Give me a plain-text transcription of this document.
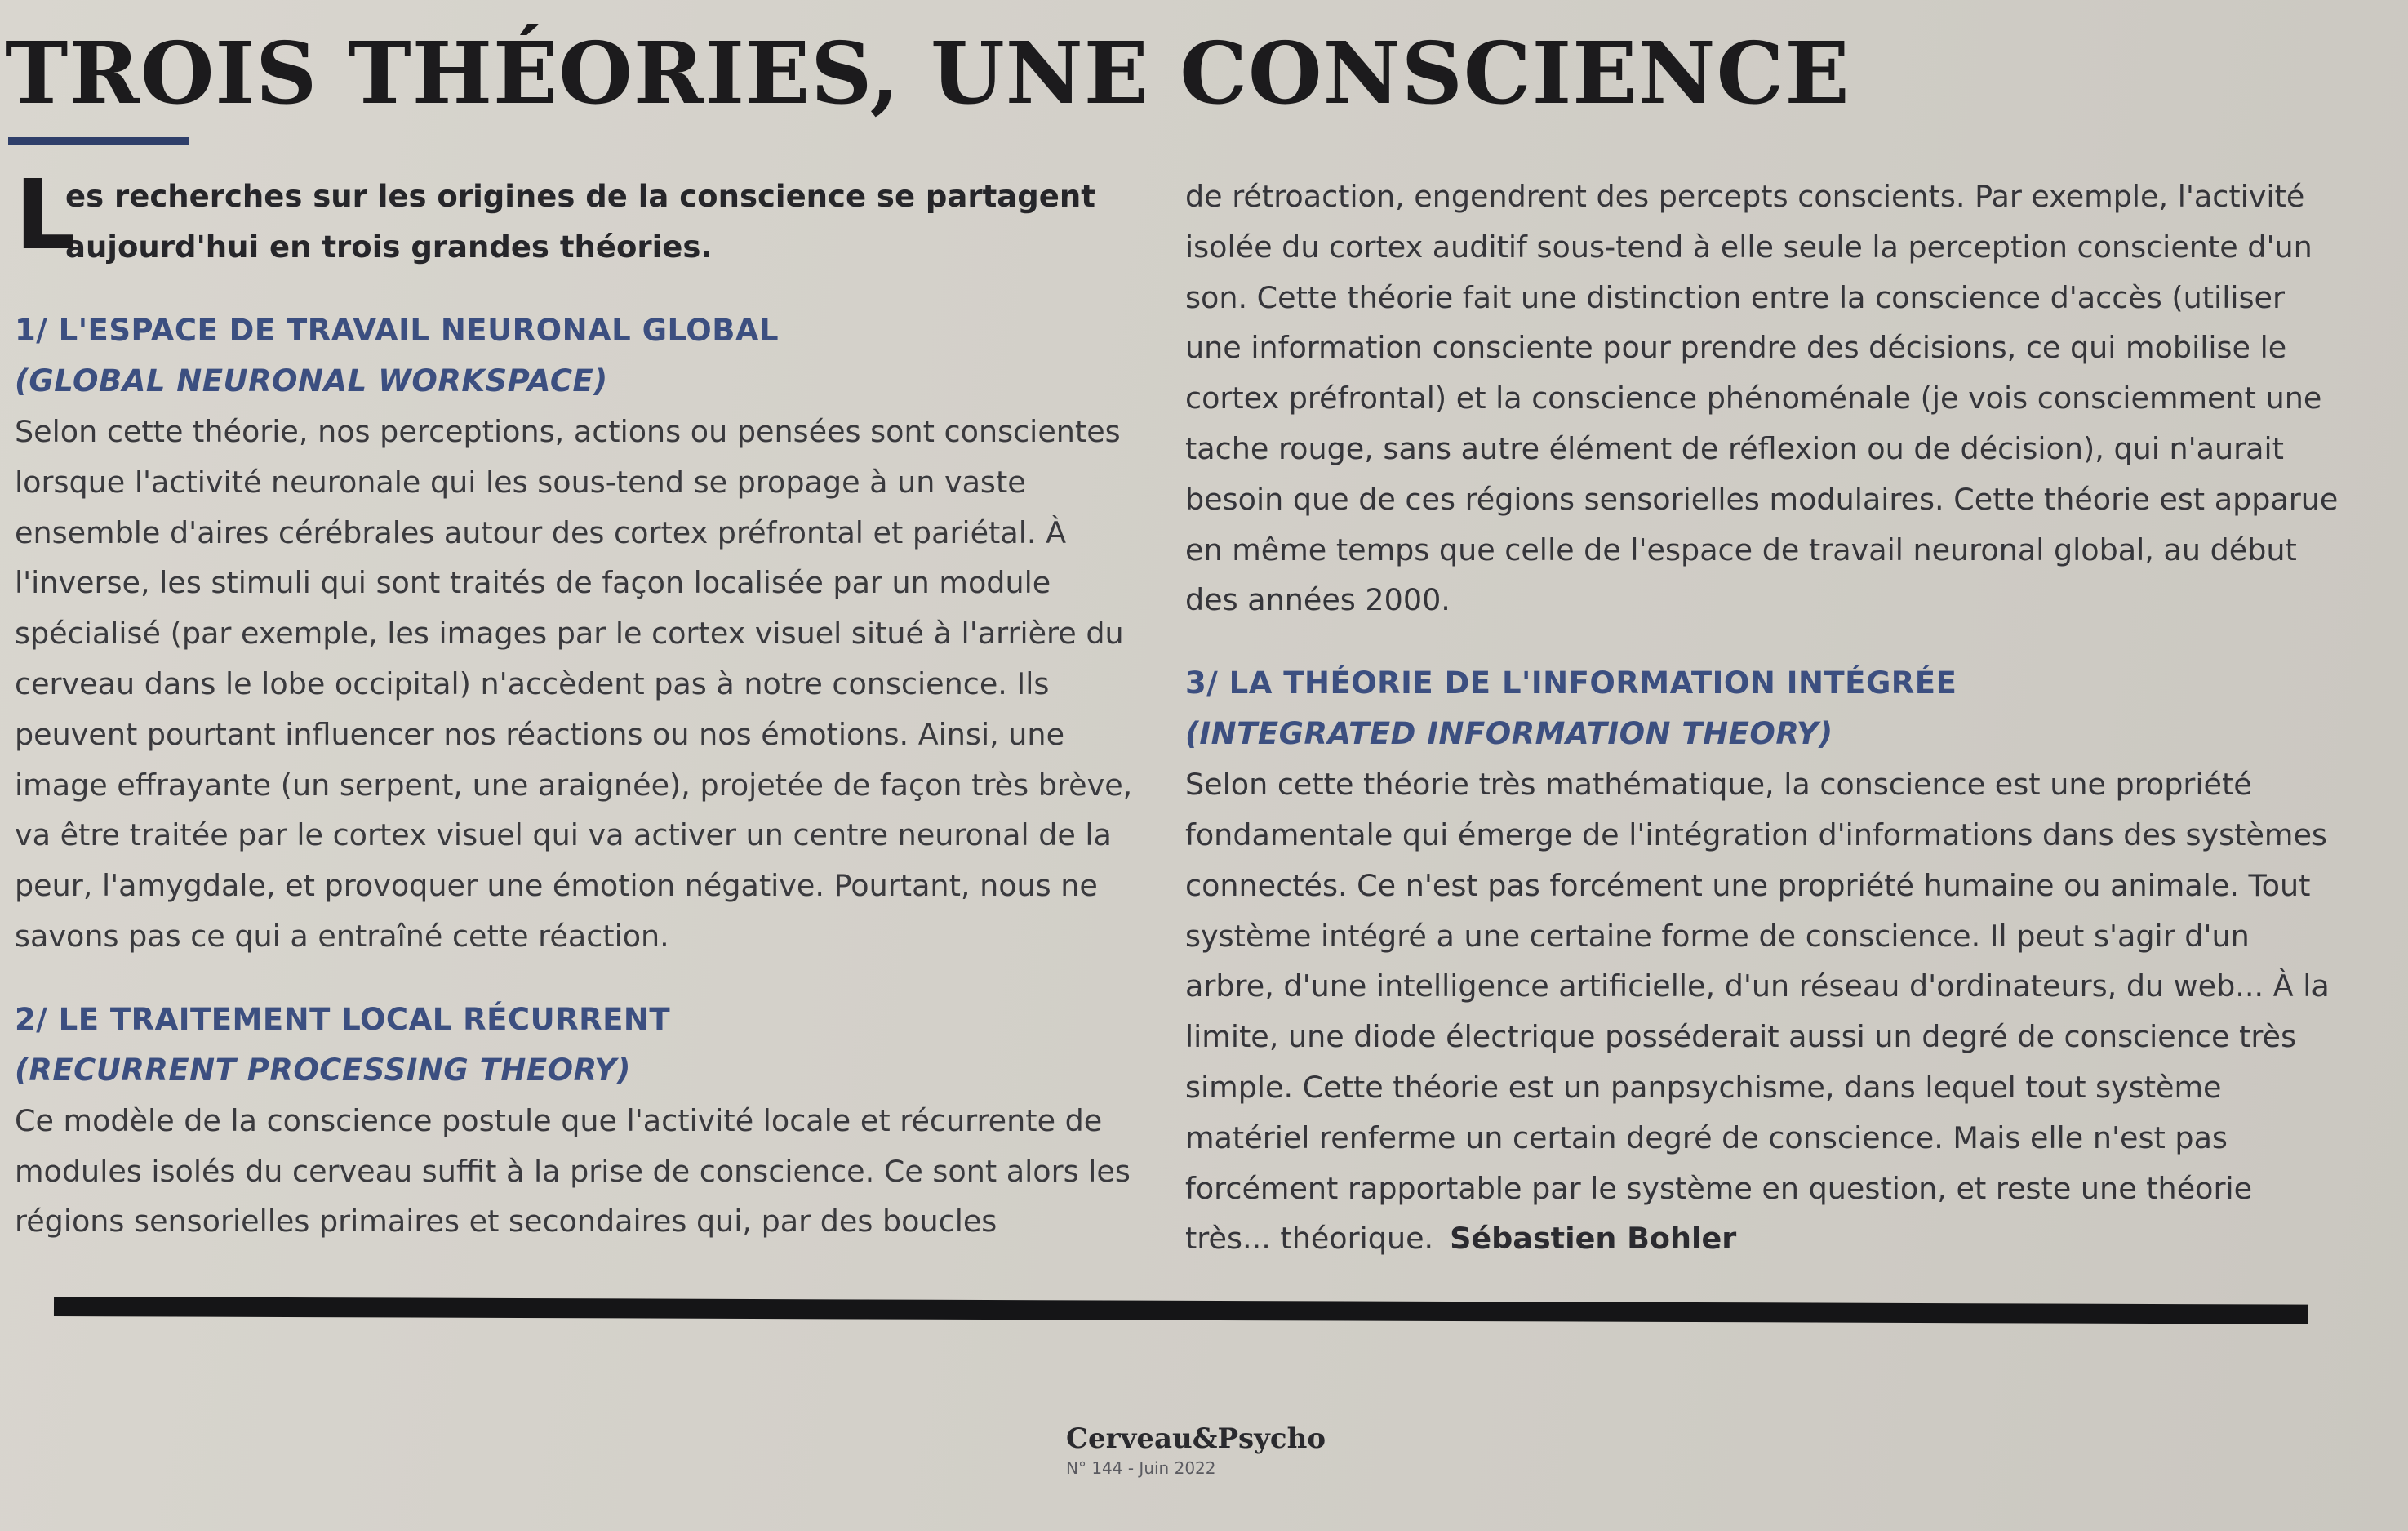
TROIS THÉORIES, UNE CONSCIENCE

L
es recherches sur les origines de la conscience se partagent aujourd'hui en trois grandes théories.

1/ L'ESPACE DE TRAVAIL NEURONAL GLOBAL
(GLOBAL NEURONAL WORKSPACE)

Selon cette théorie, nos perceptions, actions ou pensées sont conscientes lorsque l'activité neuronale qui les sous-tend se propage à un vaste ensemble d'aires cérébrales autour des cortex préfrontal et pariétal. À l'inverse, les stimuli qui sont traités de façon localisée par un module spécialisé (par exemple, les images par le cortex visuel situé à l'arrière du cerveau dans le lobe occipital) n'accèdent pas à notre conscience. Ils peuvent pourtant influencer nos réactions ou nos émotions. Ainsi, une image effrayante (un serpent, une araignée), projetée de façon très brève, va être traitée par le cortex visuel qui va activer un centre neuronal de la peur, l'amygdale, et provoquer une émotion négative. Pourtant, nous ne savons pas ce qui a entraîné cette réaction.

2/ LE TRAITEMENT LOCAL RÉCURRENT
(RECURRENT PROCESSING THEORY)

Ce modèle de la conscience postule que l'activité locale et récurrente de modules isolés du cerveau suffit à la prise de conscience. Ce sont alors les régions sensorielles primaires et secondaires qui, par des boucles

de rétroaction, engendrent des percepts conscients. Par exemple, l'activité isolée du cortex auditif sous-tend à elle seule la perception consciente d'un son. Cette théorie fait une distinction entre la conscience d'accès (utiliser une information consciente pour prendre des décisions, ce qui mobilise le cortex préfrontal) et la conscience phénoménale (je vois consciemment une tache rouge, sans autre élément de réflexion ou de décision), qui n'aurait besoin que de ces régions sensorielles modulaires. Cette théorie est apparue en même temps que celle de l'espace de travail neuronal global, au début des années 2000.

3/ LA THÉORIE DE L'INFORMATION INTÉGRÉE
(INTEGRATED INFORMATION THEORY)

Selon cette théorie très mathématique, la conscience est une propriété fondamentale qui émerge de l'intégration d'informations dans des systèmes connectés. Ce n'est pas forcément une propriété humaine ou animale. Tout système intégré a une certaine forme de conscience. Il peut s'agir d'un arbre, d'une intelligence artificielle, d'un réseau d'ordinateurs, du web... À la limite, une diode électrique posséderait aussi un degré de conscience très simple. Cette théorie est un panpsychisme, dans lequel tout système matériel renferme un certain degré de conscience. Mais elle n'est pas forcément rapportable par le système en question, et reste une théorie très... théorique. Sébastien Bohler

Cerveau&Psycho
N° 144 - Juin 2022
